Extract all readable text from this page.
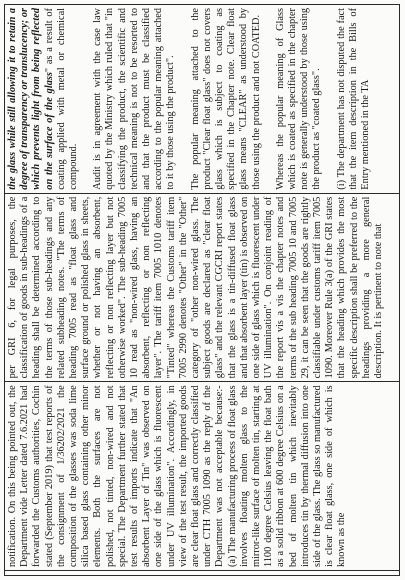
notification. On this being pointed out, the Department vide Letter dated 7.6.2021 had forwarded the Customs authorities, Cochin stated (September 2019) that test reports of the consignment of 1/36202/2021 the composition of the glasses was soda lime silica based glass containing other minor elements. Both the surfaces are not polished, not tinted, non-wired and not special. The Department further stated that test results of imports indicate that "An absorbent Layer of Tin" was observed on one side of the glass which is fluorescent under UV illumination". Accordingly, in view of the test result, the imported goods are clear float glass and correctly classified under CTH 7005 1090 as the reply of the Department was not acceptable because:- (a) The manufacturing process of float glass involves floating molten glass to the mirror-like surface of molten tin, starting at 1100 degree Celsius leaving the float bath as a solid ribbon at 600 degree Celsius on a bed of molten tin which inevitably introduces tin by thermal diffusion into one side of the glass. The glass so manufactured is clear float glass, one side of which is known as the

per GRI 6, for legal purposes, the classification of goods in sub-headings of a heading shall be determined according to the terms of those sub-headings and any related subheading notes. "The terms of heading 7005 read as "float glass and surface ground or polished glass in sheets, whether or not having an absorbent, reflecting or non reflecting layer but not otherwise worked". The sub-heading 7005 10 read as "non-wired glass, having an absorbent, reflecting or non reflecting layer". The tariff item 7005 1010 denotes "Tinted" whereas the Customs tariff item 7005 2990 denotes "Other" in the "Other" category of "other non-wired glass. The subject goods are declared as "clear float glass" and the relevant CGCRI report states that the glass is a tin-diffused float glass and that absorbent layer (tin) is observed on one side of glass which is fluorescent under UV illumination". On conjoint reading of the report vis a vis the chapter notes and terms of the sub heading 7005 10 and 7005 29, it can be seen that the goods are rightly classifiable under customs tariff item 7005 1090. Moreover Rule 3(a) of the GRI states that the heading which provides the most specific description shall be preferred to the headings providing a more general description. It is pertinent to note that

the glass while still allowing it to retain a degree of transparency or translucency; or which prevents light from being reflected on the surface of the glass" as a result of coating applied with metal or chemical compound. Audit is in agreement with the case law quoted by the Ministry which ruled that "in classifying the product, the scientific and technical meaning is not to be resorted to and that the product must be classified according to the popular meaning attached to it by those using the product". The popular meaning attached to the product "Clear float glass" does not covers glass which is subject to coating as specified in the Chapter note. Clear float glass means "CLEAR" as understood by those using the product and not COATED. Whereas the popular meaning of Glass which is coated as specified in the chapter note is generally understood by those using the product as "coated glass". (i) The department has not disputed the fact that the item description in the Bills of Entry mentioned in the TA
